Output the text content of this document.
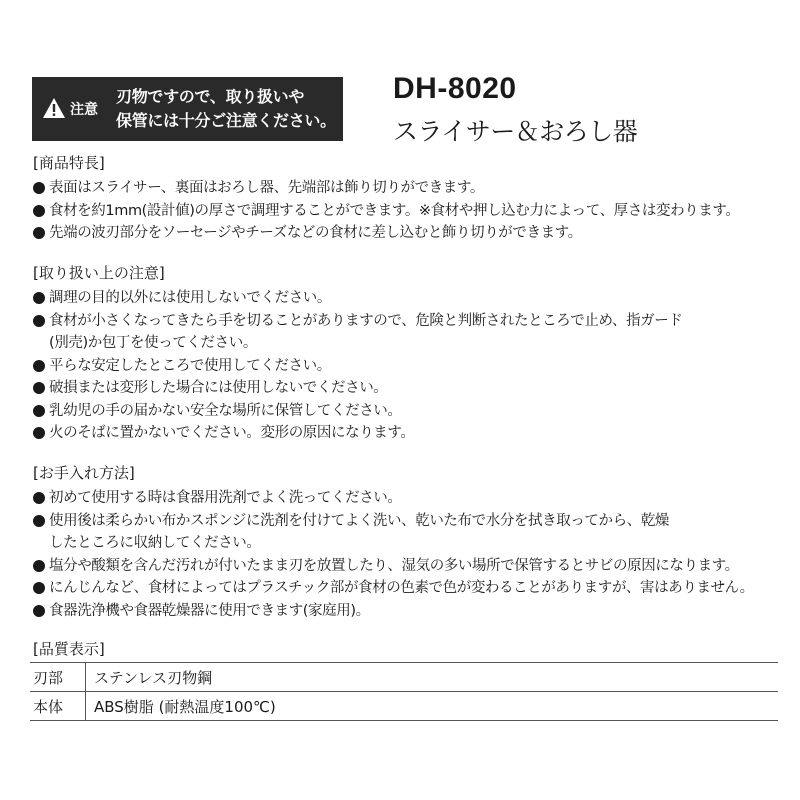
注意
刃物ですので、取り扱いや
保管には十分ご注意ください。
DH-8020
スライサー＆おろし器
[商品特長]
表面はスライサー、裏面はおろし器、先端部は飾り切りができます。
食材を約1mm(設計値)の厚さで調理することができます。※食材や押し込む力によって、厚さは変わります。
先端の波刃部分をソーセージやチーズなどの食材に差し込むと飾り切りができます。
[取り扱い上の注意]
調理の目的以外には使用しないでください。
食材が小さくなってきたら手を切ることがありますので、危険と判断されたところで止め、指ガード
(別売)か包丁を使ってください。
平らな安定したところで使用してください。
破損または変形した場合には使用しないでください。
乳幼児の手の届かない安全な場所に保管してください。
火のそばに置かないでください。変形の原因になります。
[お手入れ方法]
初めて使用する時は食器用洗剤でよく洗ってください。
使用後は柔らかい布かスポンジに洗剤を付けてよく洗い、乾いた布で水分を拭き取ってから、乾燥
したところに収納してください。
塩分や酸類を含んだ汚れが付いたまま刃を放置したり、湿気の多い場所で保管するとサビの原因になります。
にんじんなど、食材によってはプラスチック部が食材の色素で色が変わることがありますが、害はありません。
食器洗浄機や食器乾燥器に使用できます(家庭用)。
[品質表示]
刃部	ステンレス刃物鋼
本体	ABS樹脂 (耐熱温度100℃)
